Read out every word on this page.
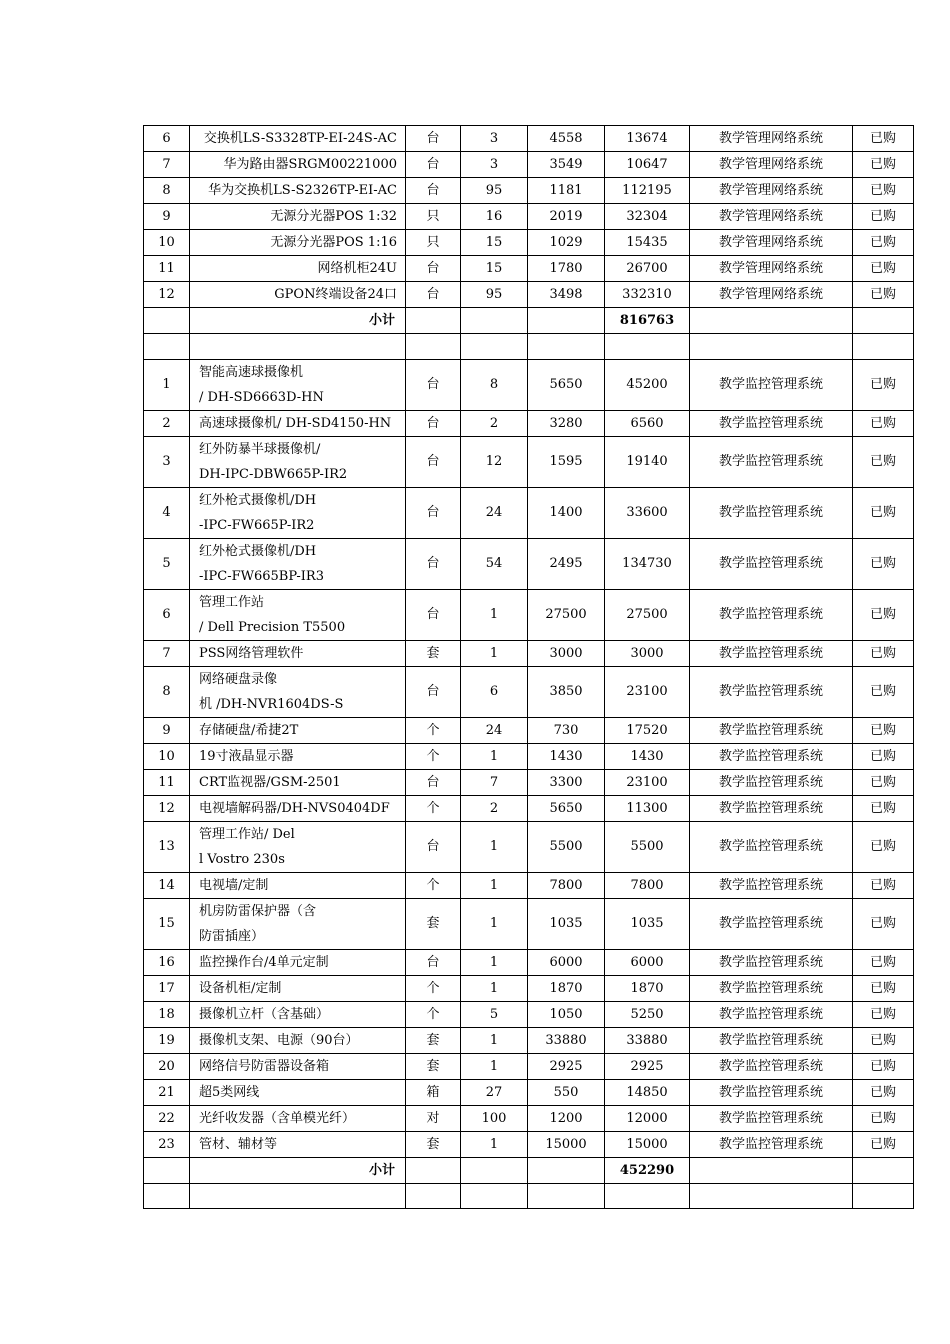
6	交换机LS-S3328TP-EI-24S-AC	台	3	4558	13674	教学管理网络系统	已购
7	华为路由器SRGM00221000	台	3	3549	10647	教学管理网络系统	已购
8	华为交换机LS-S2326TP-EI-AC	台	95	1181	112195	教学管理网络系统	已购
9	无源分光器POS 1:32	只	16	2019	32304	教学管理网络系统	已购
10	无源分光器POS 1:16	只	15	1029	15435	教学管理网络系统	已购
11	网络机柜24U	台	15	1780	26700	教学管理网络系统	已购
12	GPON终端设备24口	台	95	3498	332310	教学管理网络系统	已购
	小计				816763		

1	智能高速球摄像机
/ DH-SD6663D-HN	台	8	5650	45200	教学监控管理系统	已购
2	高速球摄像机/ DH-SD4150-HN	台	2	3280	6560	教学监控管理系统	已购
3	红外防暴半球摄像机/
DH-IPC-DBW665P-IR2	台	12	1595	19140	教学监控管理系统	已购
4	红外枪式摄像机/DH
-IPC-FW665P-IR2	台	24	1400	33600	教学监控管理系统	已购
5	红外枪式摄像机/DH
-IPC-FW665BP-IR3	台	54	2495	134730	教学监控管理系统	已购
6	管理工作站
/ Dell Precision T5500	台	1	27500	27500	教学监控管理系统	已购
7	PSS网络管理软件	套	1	3000	3000	教学监控管理系统	已购
8	网络硬盘录像
机 /DH-NVR1604DS-S	台	6	3850	23100	教学监控管理系统	已购
9	存储硬盘/希捷2T	个	24	730	17520	教学监控管理系统	已购
10	19寸液晶显示器	个	1	1430	1430	教学监控管理系统	已购
11	CRT监视器/GSM-2501	台	7	3300	23100	教学监控管理系统	已购
12	电视墙解码器/DH-NVS0404DF	个	2	5650	11300	教学监控管理系统	已购
13	管理工作站/ Del
l Vostro 230s	台	1	5500	5500	教学监控管理系统	已购
14	电视墙/定制	个	1	7800	7800	教学监控管理系统	已购
15	机房防雷保护器（含
防雷插座）	套	1	1035	1035	教学监控管理系统	已购
16	监控操作台/4单元定制	台	1	6000	6000	教学监控管理系统	已购
17	设备机柜/定制	个	1	1870	1870	教学监控管理系统	已购
18	摄像机立杆（含基础）	个	5	1050	5250	教学监控管理系统	已购
19	摄像机支架、电源（90台）	套	1	33880	33880	教学监控管理系统	已购
20	网络信号防雷器设备箱	套	1	2925	2925	教学监控管理系统	已购
21	超5类网线	箱	27	550	14850	教学监控管理系统	已购
22	光纤收发器（含单模光纤）	对	100	1200	12000	教学监控管理系统	已购
23	管材、辅材等	套	1	15000	15000	教学监控管理系统	已购
	小计				452290		
